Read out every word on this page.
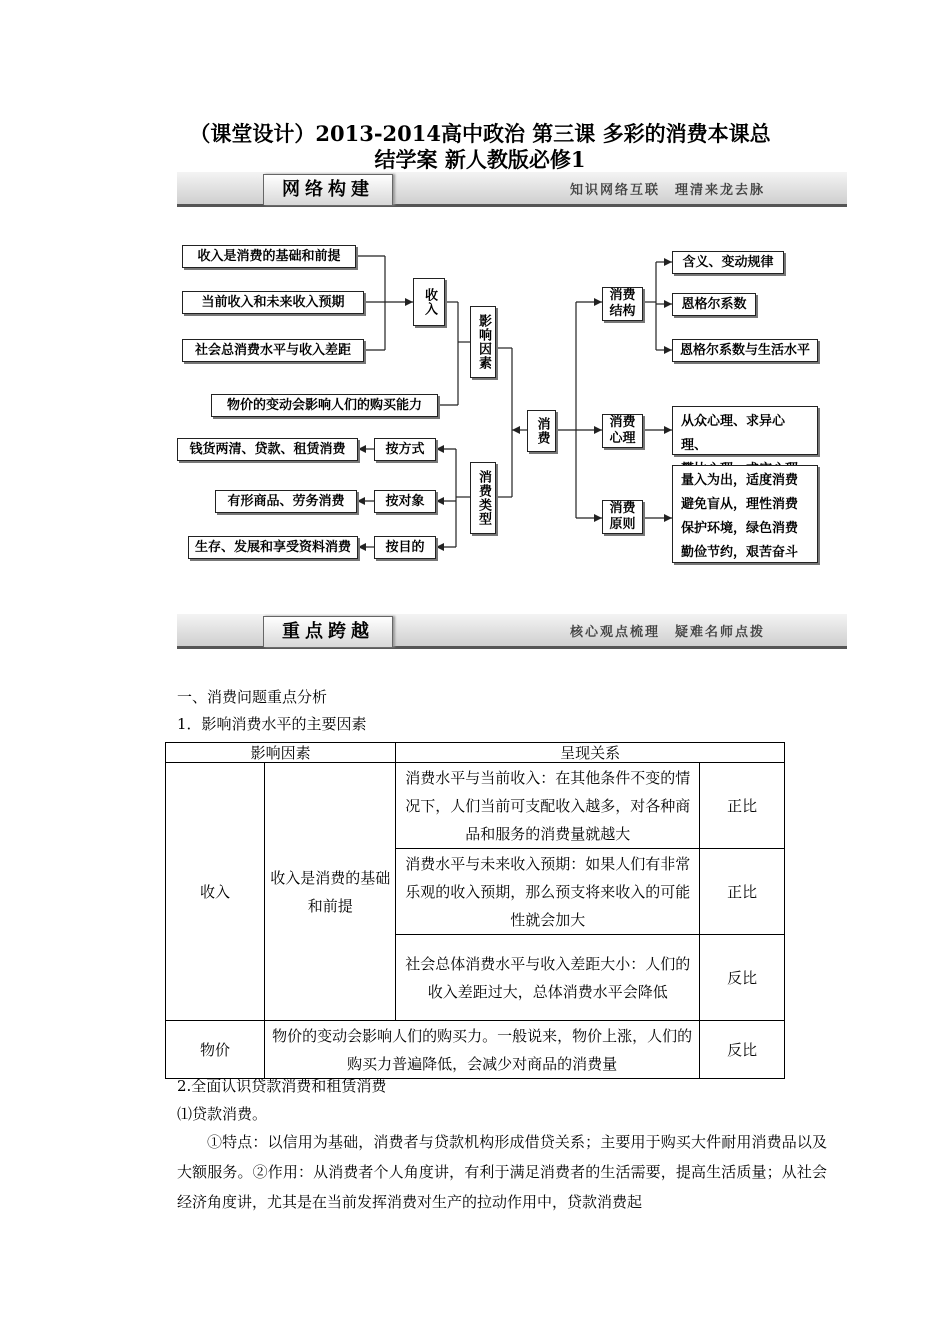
（课堂设计）2013-2014高中政治 第三课 多彩的消费本课总
结学案 新人教版必修1
网络构建	知识网络互联　理清来龙去脉
收入是消费的基础和前提
当前收入和未来收入预期
社会总消费水平与收入差距
物价的变动会影响人们的购买能力
钱货两清、贷款、租赁消费
有形商品、劳务消费
生存、发展和享受资料消费
收入
影响因素
按方式
按对象
按目的
消费类型
消费
消费结构
消费心理
消费原则
含义、变动规律
恩格尔系数
恩格尔系数与生活水平
从众心理、求异心理、
量入为出，适度消费
避免盲从，理性消费
保护环境，绿色消费
勤俭节约，艰苦奋斗
重点跨越	核心观点梳理　疑难名师点拨
一、消费问题重点分析
1．影响消费水平的主要因素
影响因素		呈现关系	
收入	收入是消费的基础和前提	消费水平与当前收入：在其他条件不变的情况下，人们当前可支配收入越多，对各种商品和服务的消费量就越大	正比
		消费水平与未来收入预期：如果人们有非常乐观的收入预期，那么预支将来收入的可能性就会加大	正比
		社会总体消费水平与收入差距大小：人们的收入差距过大，总体消费水平会降低	反比
物价	物价的变动会影响人们的购买力。一般说来，物价上涨，人们的购买力普遍降低，会减少对商品的消费量		反比
2.全面认识贷款消费和租赁消费
⑴贷款消费。
①特点：以信用为基础，消费者与贷款机构形成借贷关系；主要用于购买大件耐用消费品以及大额服务。②作用：从消费者个人角度讲，有利于满足消费者的生活需要，提高生活质量；从社会经济角度讲，尤其是在当前发挥消费对生产的拉动作用中，贷款消费起
